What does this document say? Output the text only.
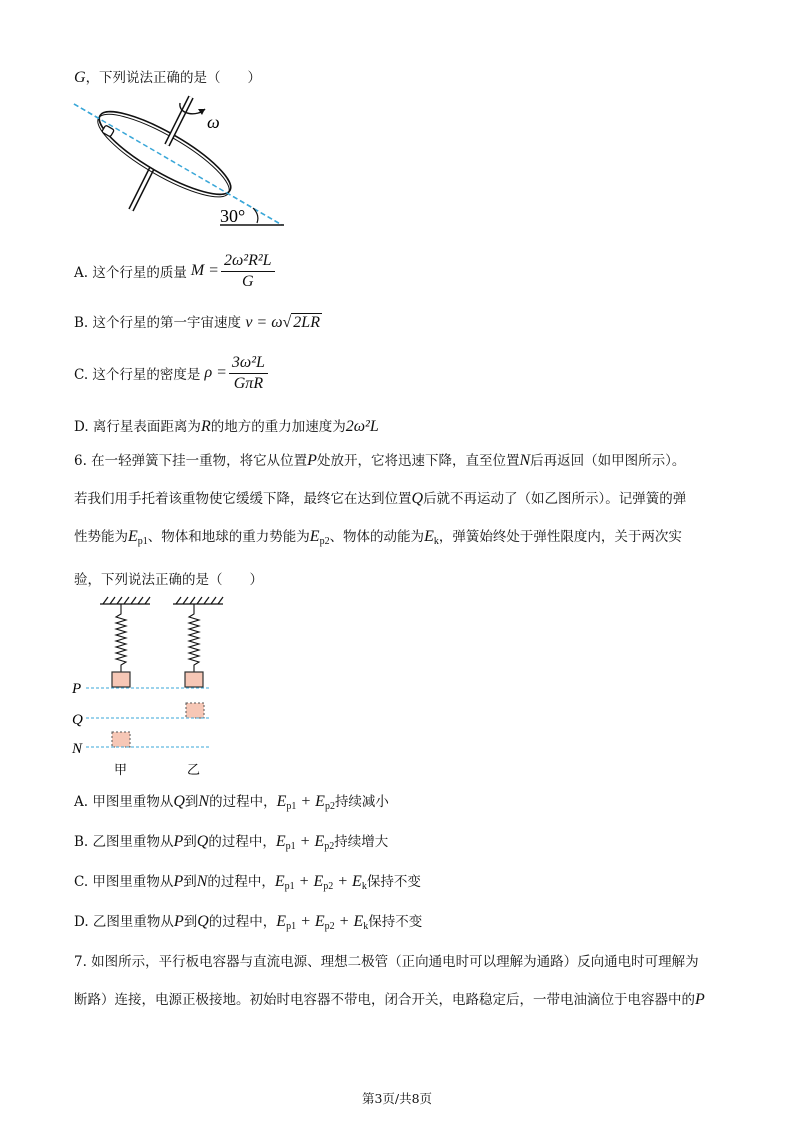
G，下列说法正确的是（　　）
ω
30°
A. 这个行星的质量 $M = \frac{\text{2ω²R²L}}{G}$
B. 这个行星的第一宇宙速度 v = ω√ 2LR
C. 这个行星的密度是 $\rho = \frac{\text{3ω²L}}{\text{GπR}}$
D. 离行星表面距离为R的地方的重力加速度为2ω²L
6. 在一轻弹簧下挂一重物，将它从位置P处放开，它将迅速下降，直至位置N后再返回（如甲图所示）。
若我们用手托着该重物使它缓缓下降，最终它在达到位置Q后就不再运动了（如乙图所示）。记弹簧的弹
性势能为$E_{p1}$、物体和地球的重力势能为$E_{p2}$、物体的动能为$E_k$，弹簧始终处于弹性限度内，关于两次实
验，下列说法正确的是（　　）
P
Q
N
甲	乙
A. 甲图里重物从Q到N的过程中，$E_{p1} + E_{p2}$持续减小
B. 乙图里重物从P到Q的过程中，$E_{p1} + E_{p2}$持续增大
C. 甲图里重物从P到N的过程中，$E_{p1} + E_{p2} + E_k$保持不变
D. 乙图里重物从P到Q的过程中，$E_{p1} + E_{p2} + E_k$保持不变
7. 如图所示，平行板电容器与直流电源、理想二极管（正向通电时可以理解为通路）反向通电时可理解为
断路）连接，电源正极接地。初始时电容器不带电，闭合开关，电路稳定后，一带电油滴位于电容器中的P
第3页/共8页
